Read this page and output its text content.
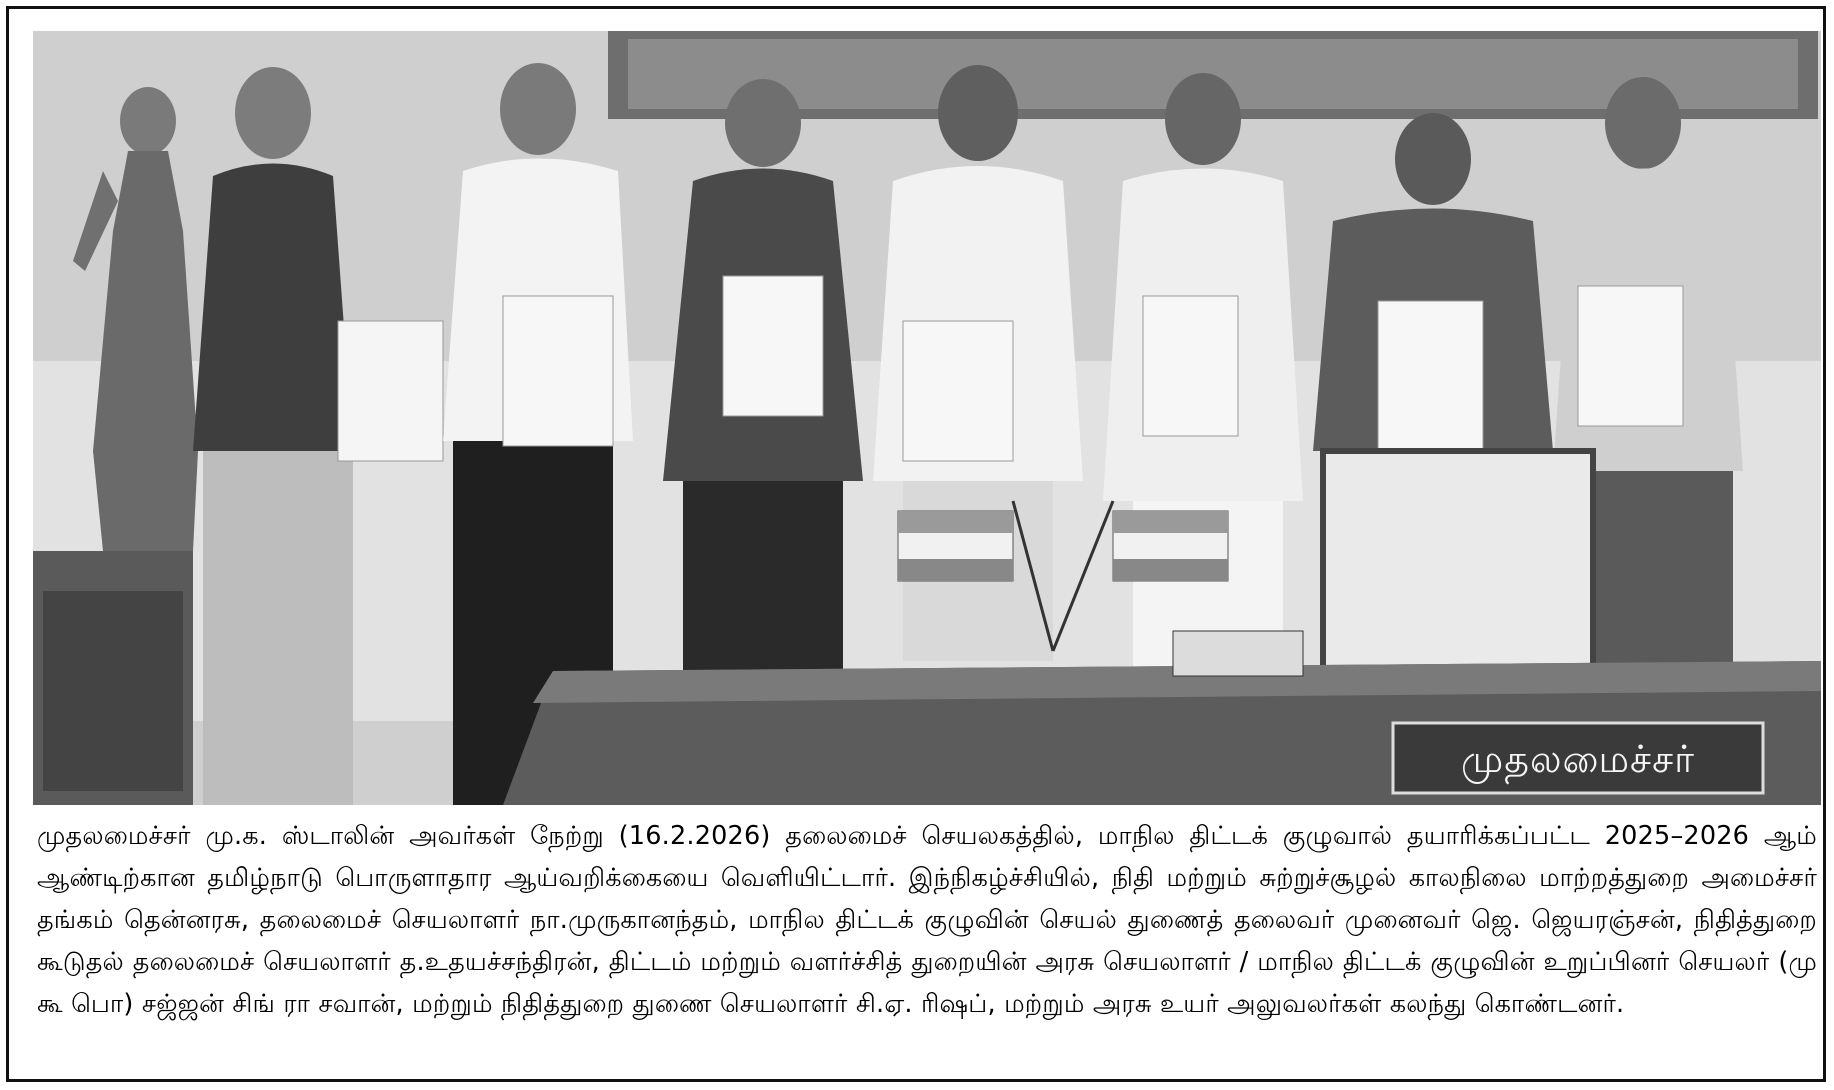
முதலமைச்சர்
முதலமைச்சர் மு.க. ஸ்டாலின் அவர்கள் நேற்று (16.2.2026) தலைமைச் செயலகத்தில், மாநில திட்டக் குழுவால் தயாரிக்கப்பட்ட 2025–2026 ஆம் ஆண்டிற்கான தமிழ்நாடு பொருளாதார ஆய்வறிக்கையை வெளியிட்டார். இந்நிகழ்ச்சியில், நிதி மற்றும் சுற்றுச்சூழல் காலநிலை மாற்றத்துறை அமைச்சர் தங்கம் தென்னரசு, தலைமைச் செயலாளர் நா.முருகானந்தம், மாநில திட்டக் குழுவின் செயல் துணைத் தலைவர் முனைவர் ஜெ. ஜெயரஞ்சன், நிதித்துறை கூடுதல் தலைமைச் செயலாளர் த.உதயச்சந்திரன், திட்டம் மற்றும் வளர்ச்சித் துறையின் அரசு செயலாளர் / மாநில திட்டக் குழுவின் உறுப்பினர் செயலர் (மு கூ பொ) சஜ்ஜன் சிங் ரா சவான், மற்றும் நிதித்துறை துணை செயலாளர் சி.ஏ. ரிஷப், மற்றும் அரசு உயர் அலுவலர்கள் கலந்து கொண்டனர்.
